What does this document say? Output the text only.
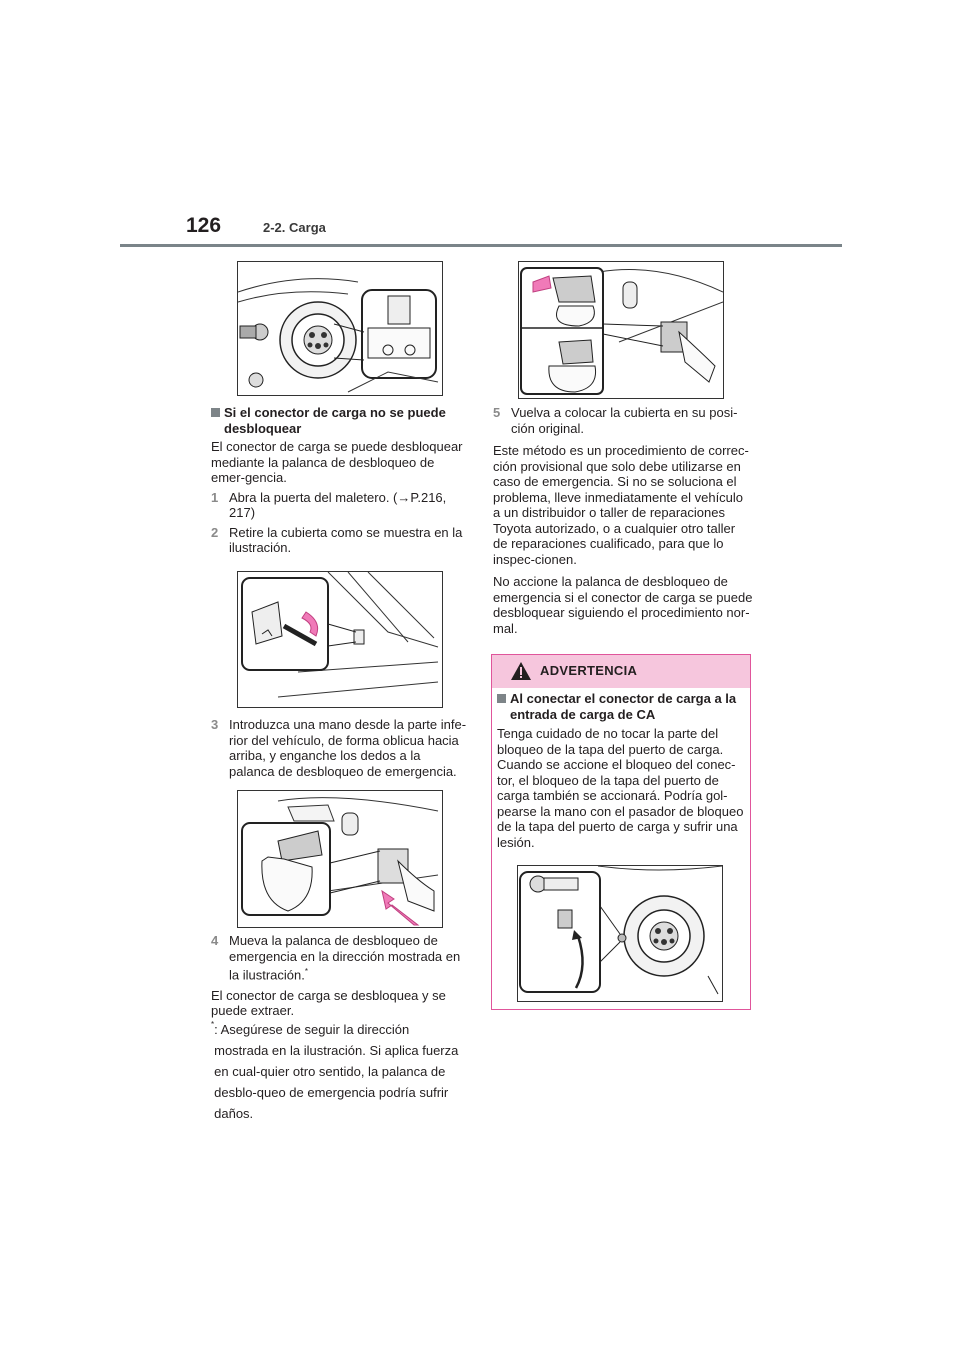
126	2-2. Carga
Si el conector de carga no se puede desbloquear

El conector de carga se puede desbloquear mediante la palanca de desbloqueo de emer-gencia.

1 Abra la puerta del maletero. (→P.216, 217)
2 Retire la cubierta como se muestra en la ilustración.
3 Introduzca una mano desde la parte infe-rior del vehículo, de forma oblicua hacia arriba, y enganche los dedos a la palanca de desbloqueo de emergencia.
4 Mueva la palanca de desbloqueo de emergencia en la dirección mostrada en la ilustración.*

El conector de carga se desbloquea y se puede extraer.

* : Asegúrese de seguir la dirección mostrada en la ilustración. Si aplica fuerza en cual-quier otro sentido, la palanca de desblo-queo de emergencia podría sufrir daños.
5 Vuelva a colocar la cubierta en su posi-ción original.

Este método es un procedimiento de correc-ción provisional que solo debe utilizarse en caso de emergencia. Si no se soluciona el problema, lleve inmediatamente el vehículo a un distribuidor o taller de reparaciones Toyota autorizado, o a cualquier otro taller de reparaciones cualificado, para que lo inspec-cionen.

No accione la palanca de desbloqueo de emergencia si el conector de carga se puede desbloquear siguiendo el procedimiento nor-mal.

ADVERTENCIA
Al conectar el conector de carga a la entrada de carga de CA

Tenga cuidado de no tocar la parte del bloqueo de la tapa del puerto de carga. Cuando se accione el bloqueo del conec-tor, el bloqueo de la tapa del puerto de carga también se accionará. Podría gol-pearse la mano con el pasador de bloqueo de la tapa del puerto de carga y sufrir una lesión.
